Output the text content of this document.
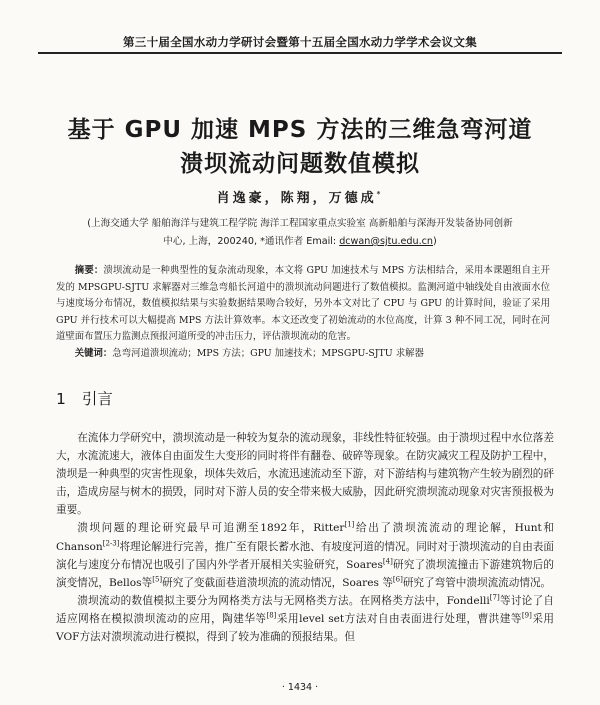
第三十届全国水动力学研讨会暨第十五届全国水动力学学术会议文集
基于 GPU 加速 MPS 方法的三维急弯河道
溃坝流动问题数值模拟
肖逸豪，陈翔，万德成*
(上海交通大学 船舶海洋与建筑工程学院 海洋工程国家重点实验室 高新船舶与深海开发装备协同创新
中心, 上海，200240, *通讯作者 Email: dcwan@sjtu.edu.cn)
摘要：溃坝流动是一种典型性的复杂流动现象，本文将 GPU 加速技术与 MPS 方法相结合，采用本课题组自主开发的 MPSGPU-SJTU 求解器对三维急弯船长河道中的溃坝流动问题进行了数值模拟。监测河道中轴线处自由液面水位与速度场分布情况，数值模拟结果与实验数据结果吻合较好，另外本文对比了 CPU 与 GPU 的计算时间，验证了采用 GPU 并行技术可以大幅提高 MPS 方法计算效率。本文还改变了初始流动的水位高度，计算 3 种不同工况，同时在河道壁面布置压力监测点预报河道所受的冲击压力，评估溃坝流动的危害。
关键词：急弯河道溃坝流动；MPS 方法；GPU 加速技术；MPSGPU-SJTU 求解器
1 引言

在流体力学研究中，溃坝流动是一种较为复杂的流动现象，非线性特征较强。由于溃坝过程中水位落差大，水流流速大，液体自由面发生大变形的同时将伴有翻卷、破碎等现象。在防灾减灾工程及防护工程中，溃坝是一种典型的灾害性现象，坝体失效后，水流迅速流动至下游，对下游结构与建筑物产生较为剧烈的砰击，造成房屋与树木的损毁，同时对下游人员的安全带来极大威胁，因此研究溃坝流动现象对灾害预报极为重要。

溃坝问题的理论研究最早可追溯至1892年，Ritter[1]给出了溃坝流流动的理论解，Hunt和Chanson[2-3]将理论解进行完善，推广至有限长蓄水池、有坡度河道的情况。同时对于溃坝流动的自由表面演化与速度分布情况也吸引了国内外学者开展相关实验研究，Soares[4]研究了溃坝流撞击下游建筑物后的演变情况，Bellos等[5]研究了变截面巷道溃坝流的流动情况，Soares 等[6]研究了弯管中溃坝流流动情况。

溃坝流动的数值模拟主要分为网格类方法与无网格类方法。在网格类方法中，Fondelli[7]等讨论了自适应网格在模拟溃坝流动的应用，陶建华等[8]采用level set方法对自由表面进行处理，曹洪建等[9]采用VOF方法对溃坝流动进行模拟，得到了较为准确的预报结果。但

· 1434 ·
